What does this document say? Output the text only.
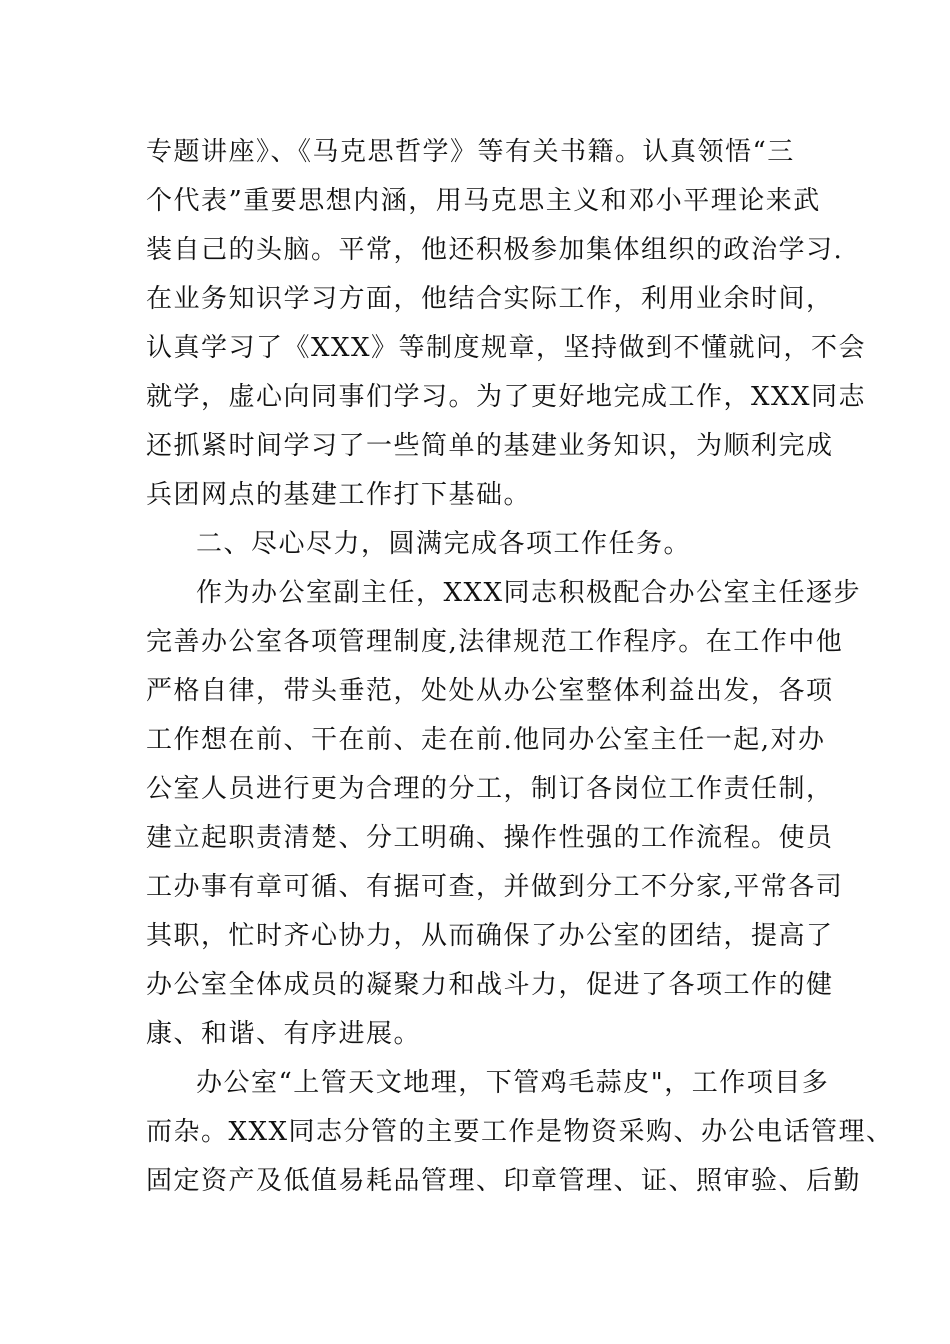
专题讲座》、《马克思哲学》等有关书籍。认真领悟“三
个代表”重要思想内涵，用马克思主义和邓小平理论来武
装自己的头脑。平常，他还积极参加集体组织的政治学习.
在业务知识学习方面，他结合实际工作，利用业余时间，
认真学习了《XXX》等制度规章，坚持做到不懂就问，不会
就学，虚心向同事们学习。为了更好地完成工作，XXX同志
还抓紧时间学习了一些简单的基建业务知识，为顺利完成
兵团网点的基建工作打下基础。
二、尽心尽力，圆满完成各项工作任务。
作为办公室副主任，XXX同志积极配合办公室主任逐步
完善办公室各项管理制度,法律规范工作程序。在工作中他
严格自律，带头垂范，处处从办公室整体利益出发，各项
工作想在前、干在前、走在前.他同办公室主任一起,对办
公室人员进行更为合理的分工，制订各岗位工作责任制，
建立起职责清楚、分工明确、操作性强的工作流程。使员
工办事有章可循、有据可查，并做到分工不分家,平常各司
其职，忙时齐心协力，从而确保了办公室的团结，提高了
办公室全体成员的凝聚力和战斗力，促进了各项工作的健
康、和谐、有序进展。
办公室“上管天文地理，下管鸡毛蒜皮"，工作项目多
而杂。XXX同志分管的主要工作是物资采购、办公电话管理、
固定资产及低值易耗品管理、印章管理、证、照审验、后勤
